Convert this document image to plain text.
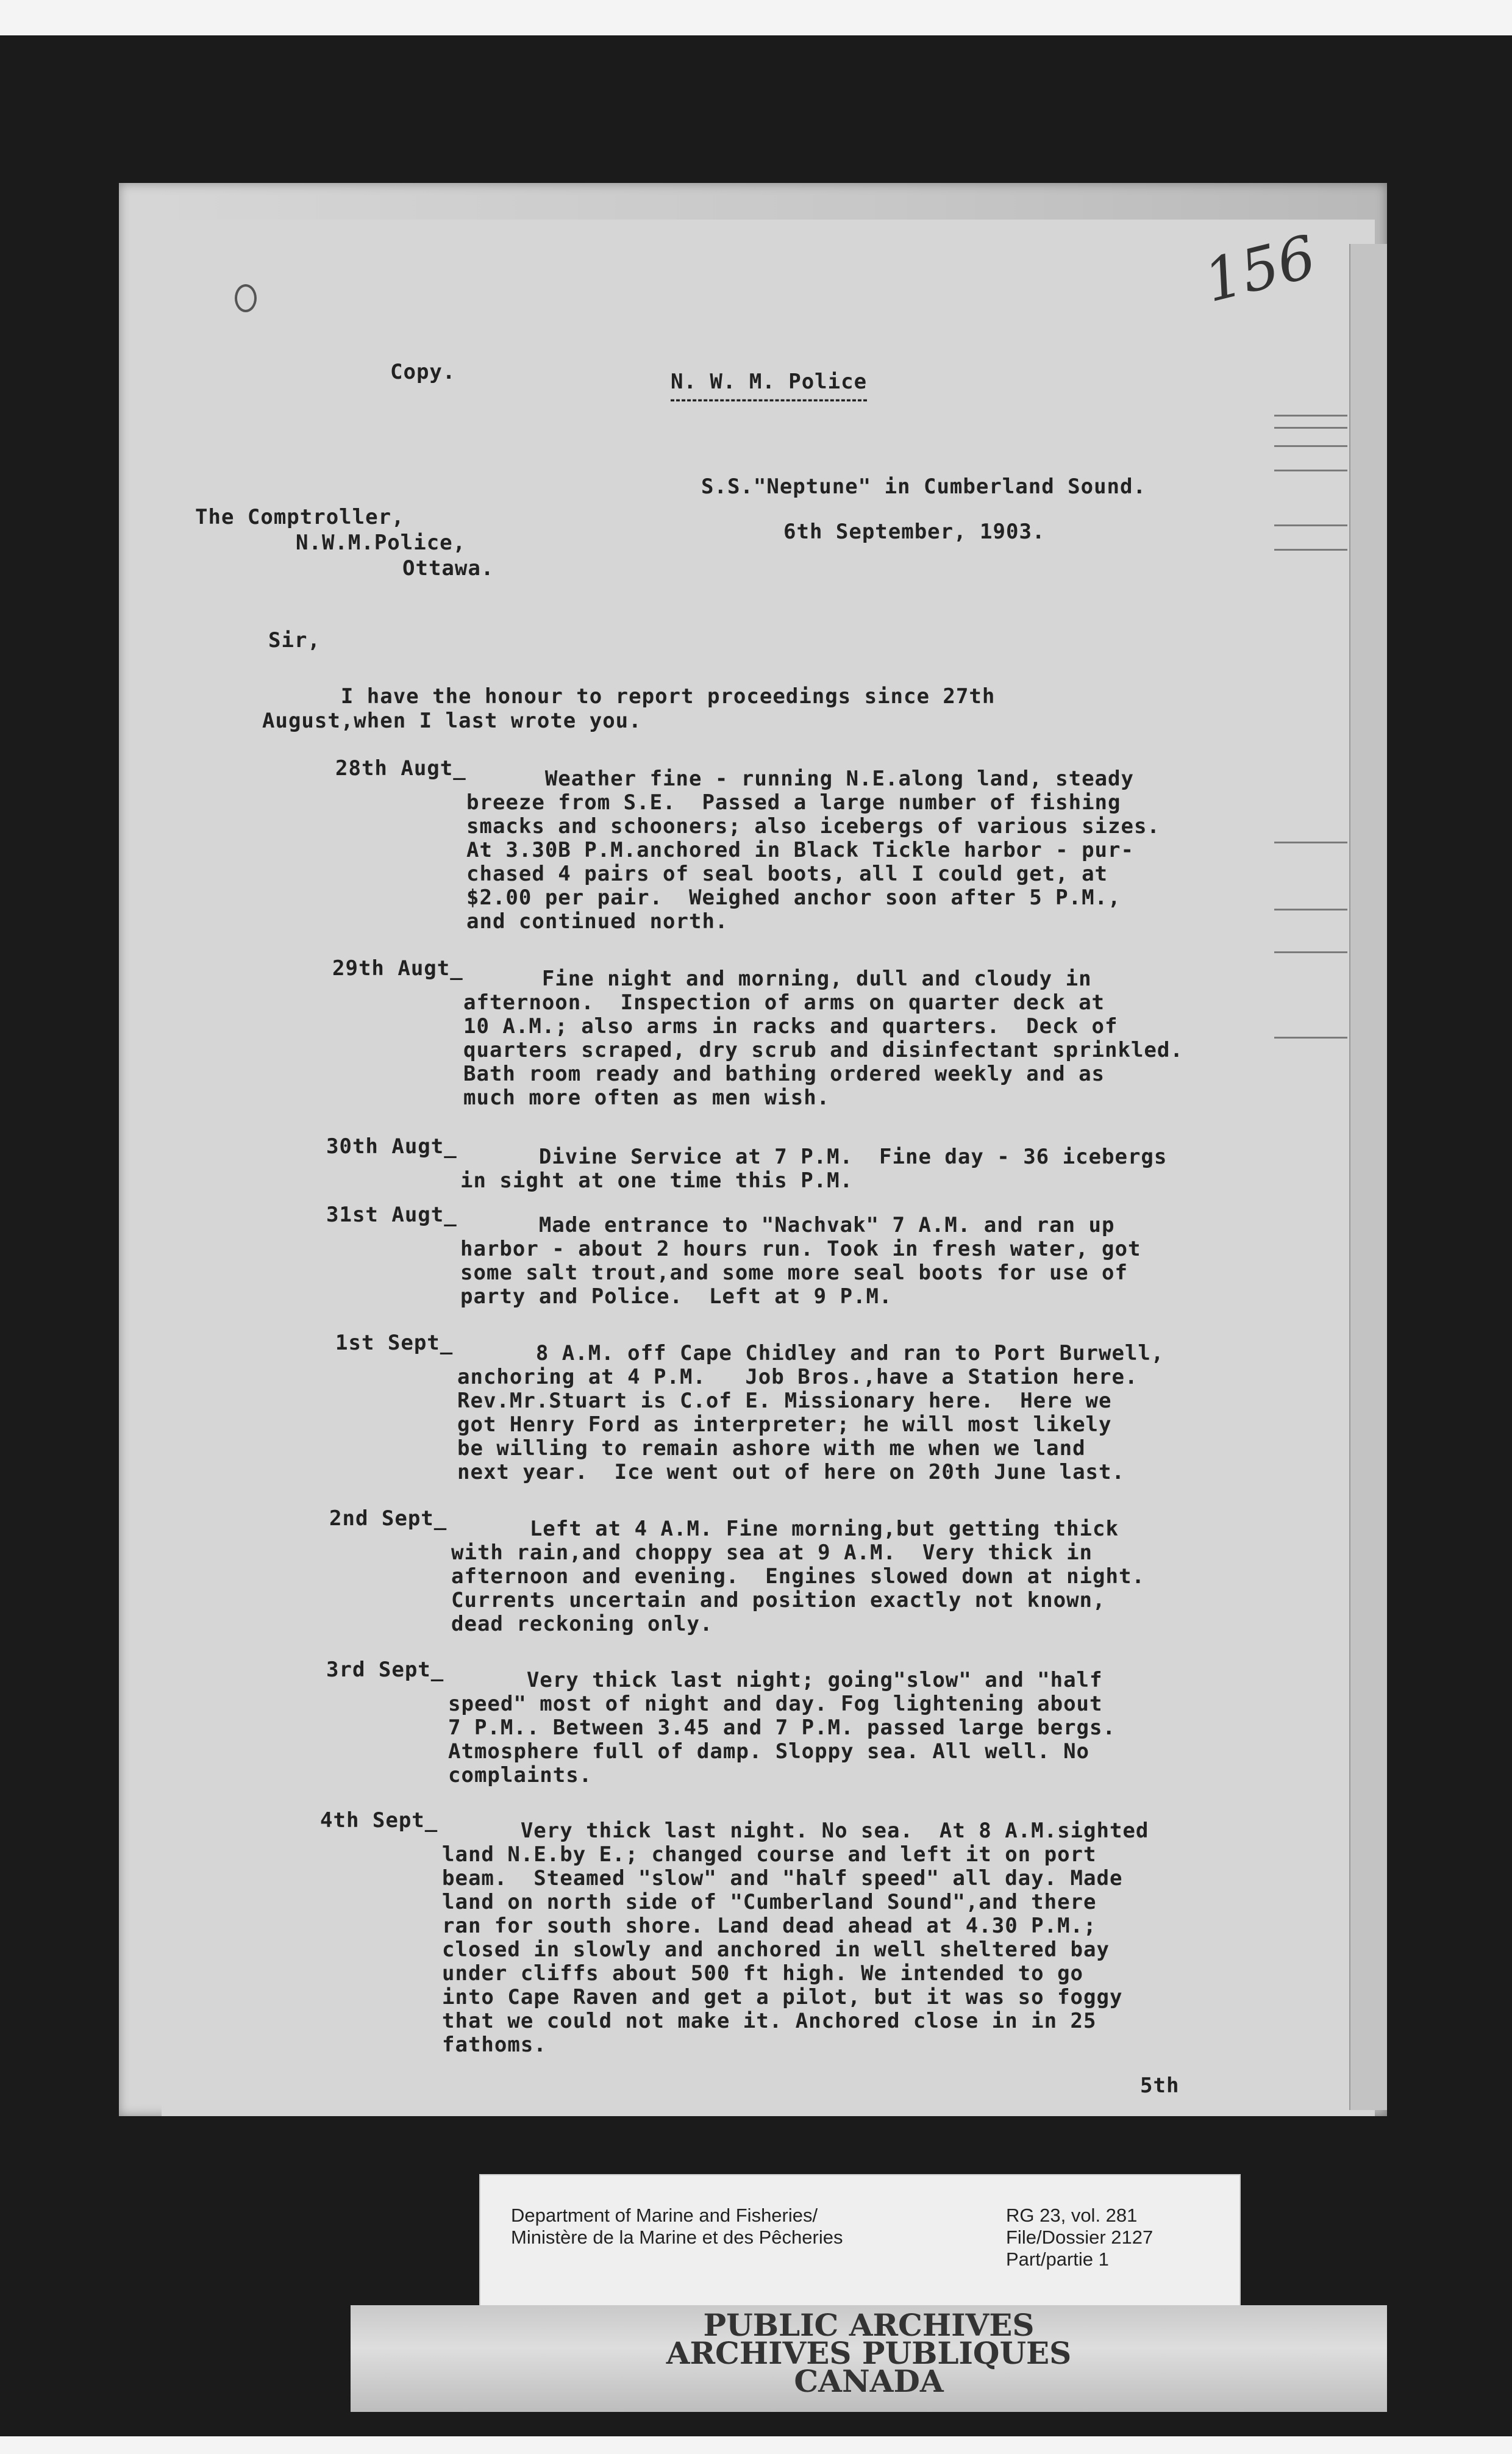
156
Copy.	N. W. M. Police
S.S."Neptune" in Cumberland Sound.
6th September, 1903.
The Comptroller,
N.W.M.Police,
Ottawa.
Sir,
I have the honour to report proceedings since 27th
August,when I last wrote you.
28th Augt_	Weather fine - running N.E.along land, steady
breeze from S.E.  Passed a large number of fishing
smacks and schooners; also icebergs of various sizes.
At 3.30B P.M.anchored in Black Tickle harbor - pur-
chased 4 pairs of seal boots, all I could get, at
$2.00 per pair.  Weighed anchor soon after 5 P.M.,
and continued north.
29th Augt_	Fine night and morning, dull and cloudy in
afternoon.  Inspection of arms on quarter deck at
10 A.M.; also arms in racks and quarters.  Deck of
quarters scraped, dry scrub and disinfectant sprinkled.
Bath room ready and bathing ordered weekly and as
much more often as men wish.
30th Augt_	Divine Service at 7 P.M.  Fine day - 36 icebergs
in sight at one time this P.M.
31st Augt_	Made entrance to "Nachvak" 7 A.M. and ran up
harbor - about 2 hours run. Took in fresh water, got
some salt trout,and some more seal boots for use of
party and Police.  Left at 9 P.M.
1st Sept_	8 A.M. off Cape Chidley and ran to Port Burwell,
anchoring at 4 P.M.   Job Bros.,have a Station here.
Rev.Mr.Stuart is C.of E. Missionary here.  Here we
got Henry Ford as interpreter; he will most likely
be willing to remain ashore with me when we land
next year.  Ice went out of here on 20th June last.
2nd Sept_	Left at 4 A.M. Fine morning,but getting thick
with rain,and choppy sea at 9 A.M.  Very thick in
afternoon and evening.  Engines slowed down at night.
Currents uncertain and position exactly not known,
dead reckoning only.
3rd Sept_	Very thick last night; going"slow" and "half
speed" most of night and day. Fog lightening about
7 P.M.. Between 3.45 and 7 P.M. passed large bergs.
Atmosphere full of damp. Sloppy sea. All well. No
complaints.
4th Sept_	Very thick last night. No sea.  At 8 A.M.sighted
land N.E.by E.; changed course and left it on port
beam.  Steamed "slow" and "half speed" all day. Made
land on north side of "Cumberland Sound",and there
ran for south shore. Land dead ahead at 4.30 P.M.;
closed in slowly and anchored in well sheltered bay
under cliffs about 500 ft high. We intended to go
into Cape Raven and get a pilot, but it was so foggy
that we could not make it. Anchored close in in 25
fathoms.
5th
Department of Marine and Fisheries/
Ministère de la Marine et des Pêcheries
RG 23, vol. 281
File/Dossier 2127
Part/partie 1
PUBLIC ARCHIVES
ARCHIVES PUBLIQUES
CANADA
